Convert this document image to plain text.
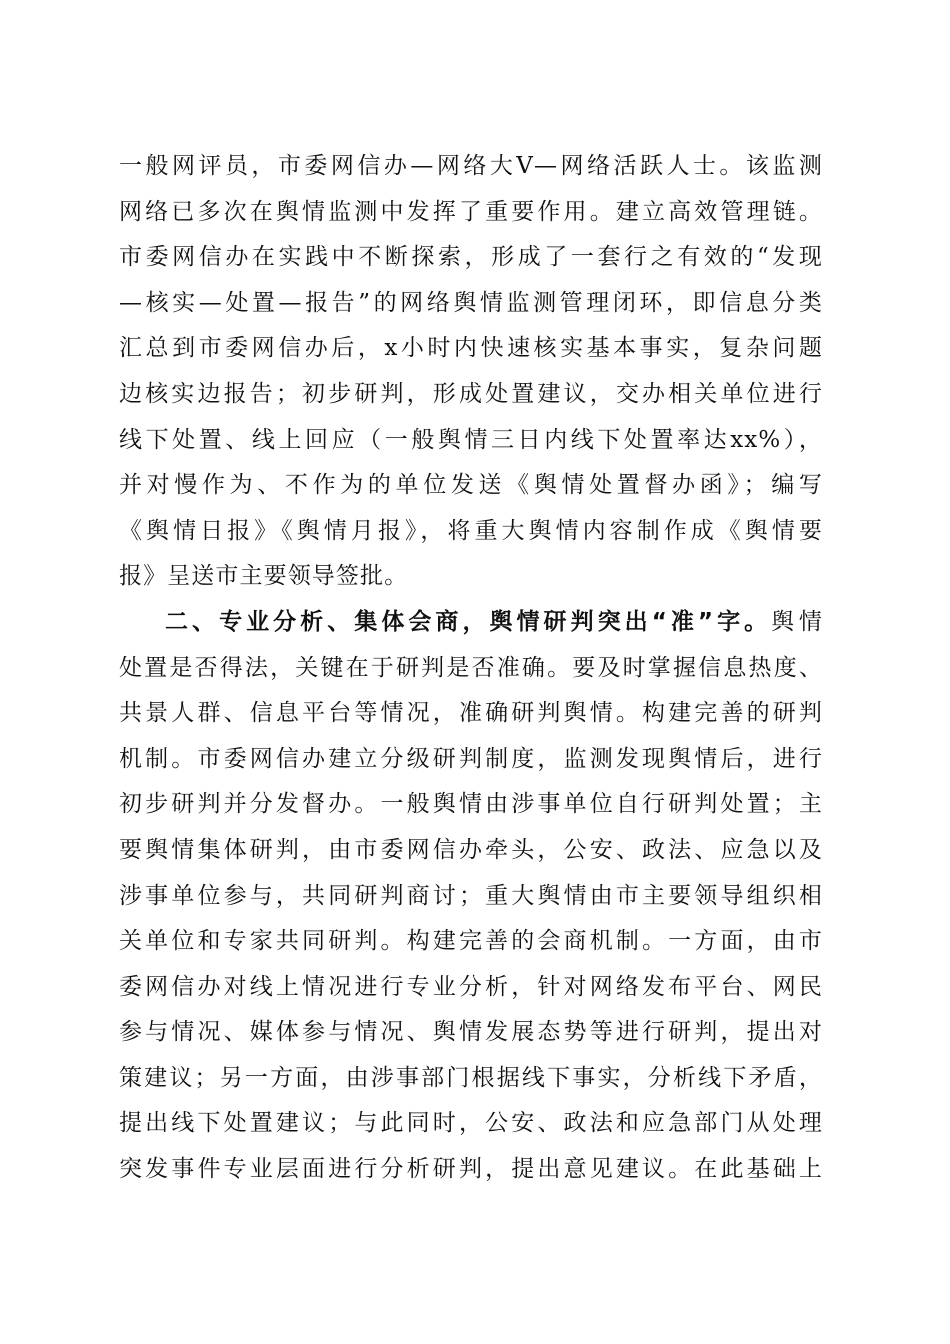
一般网评员，市委网信办—网络大V—网络活跃人士。该监测
网络已多次在舆情监测中发挥了重要作用。建立高效管理链。
市委网信办在实践中不断探索，形成了一套行之有效的“发现
—核实—处置—报告”的网络舆情监测管理闭环，即信息分类
汇总到市委网信办后，x小时内快速核实基本事实，复杂问题
边核实边报告；初步研判，形成处置建议，交办相关单位进行
线下处置、线上回应（一般舆情三日内线下处置率达xx%），
并对慢作为、不作为的单位发送《舆情处置督办函》；编写
《舆情日报》《舆情月报》，将重大舆情内容制作成《舆情要
报》呈送市主要领导签批。
二、专业分析、集体会商，舆情研判突出“准”字。舆情
处置是否得法，关键在于研判是否准确。要及时掌握信息热度、
共景人群、信息平台等情况，准确研判舆情。构建完善的研判
机制。市委网信办建立分级研判制度，监测发现舆情后，进行
初步研判并分发督办。一般舆情由涉事单位自行研判处置；主
要舆情集体研判，由市委网信办牵头，公安、政法、应急以及
涉事单位参与，共同研判商讨；重大舆情由市主要领导组织相
关单位和专家共同研判。构建完善的会商机制。一方面，由市
委网信办对线上情况进行专业分析，针对网络发布平台、网民
参与情况、媒体参与情况、舆情发展态势等进行研判，提出对
策建议；另一方面，由涉事部门根据线下事实，分析线下矛盾，
提出线下处置建议；与此同时，公安、政法和应急部门从处理
突发事件专业层面进行分析研判，提出意见建议。在此基础上
